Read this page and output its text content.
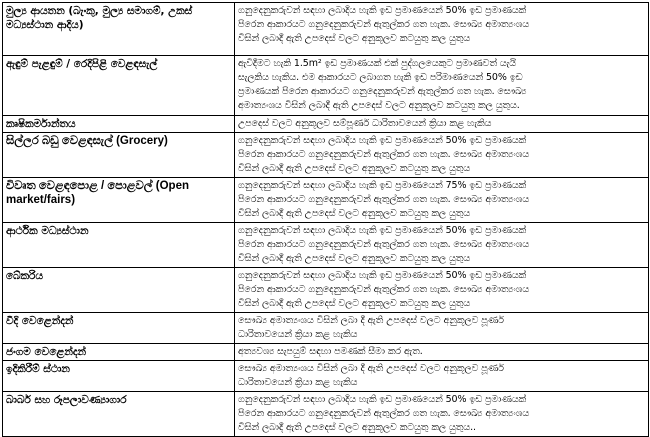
මුල්‍ය ආයතන (බැංකු, මුල්‍ය සමාගම්, උකස් මධ්‍යස්ථාන ආදිය)	ගනුදෙනුකරුවන් සඳහා ලබාදිය හැකි ඉඩ ප්‍රමාණයෙන් 50% ඉඩ ප්‍රමාණයක්
පිරෙන ආකාරයට ගනුදෙනුකරුවන් ඇතුල්කර ගත හැක. සෞඛ්‍ය අමාත්‍යංශය
විසින් ලබාදී ඇති උපදෙස් වලට අනුකූලව කටයුතු කල යුතුය

ඇඳුම් පැළඳුම් / රෙදිපිළි වෙළඳසැල්	ඇවිදීමට හැකි 1.5m² ඉඩ ප්‍රමාණයක් එක් පුද්ගලයෙකුට ප්‍රමාණවත් යැයි
සැලකිය හැකිය. එම ආකාරයට ලබාගත හැකි ඉඩ පරිමාණයෙන් 50% ඉඩ
ප්‍රමාණයක් පිරෙන ආකාරයට ගනුදෙනුකරුවන් ඇතුල්කර ගත හැක. සෞඛ්‍ය
අමාත්‍යංශය විසින් ලබාදී ඇති උපදෙස් වලට අනුකූලව කටයුතු කල යුතුය.

කෘෂිකර්මාන්තය	උපදෙස් වලට අනුකූලව සම්පූර්ණ ධාරිතාවයෙන් ක්‍රියා කළ හැකිය

සිල්ලර බඩු වෙළඳසැල් (Grocery)	ගනුදෙනුකරුවන් සඳහා ලබාදිය හැකි ඉඩ ප්‍රමාණයෙන් 50% ඉඩ ප්‍රමාණයක්
පිරෙන ආකාරයට ගනුදෙනුකරුවන් ඇතුල්කර ගත හැක. සෞඛ්‍ය අමාත්‍යංශය
විසින් ලබාදී ඇති උපදෙස් වලට අනුකූලව කටයුතු කල යුතුය

විවෘත වෙළඳපොළ / පොළවල් (Open market/fairs)	ගනුදෙනුකරුවන් සඳහා ලබාදිය හැකි ඉඩ ප්‍රමාණයෙන් 75% ඉඩ ප්‍රමාණයක්
පිරෙන ආකාරයට ගනුදෙනුකරුවන් ඇතුල්කර ගත හැක. සෞඛ්‍ය අමාත්‍යංශය
විසින් ලබාදී ඇති උපදෙස් වලට අනුකූලව කටයුතු කල යුතුය

ආර්ථික මධ්‍යස්ථාන	ගනුදෙනුකරුවන් සඳහා ලබාදිය හැකි ඉඩ ප්‍රමාණයෙන් 50% ඉඩ ප්‍රමාණයක්
පිරෙන ආකාරයට ගනුදෙනුකරුවන් ඇතුල්කර ගත හැක. සෞඛ්‍ය අමාත්‍යංශය
විසින් ලබාදී ඇති උපදෙස් වලට අනුකූලව කටයුතු කල යුතුය

බේකරිය	ගනුදෙනුකරුවන් සඳහා ලබාදිය හැකි ඉඩ ප්‍රමාණයෙන් 50% ඉඩ ප්‍රමාණයක්
පිරෙන ආකාරයට ගනුදෙනුකරුවන් ඇතුල්කර ගත හැක. සෞඛ්‍ය අමාත්‍යංශය
විසින් ලබාදී ඇති උපදෙස් වලට අනුකූලව කටයුතු කල යුතුය

වීදි වෙළෙන්දන්	සෞඛ්‍ය අමාත්‍යංශය විසින් ලබා දී ඇති උපදෙස් වලට අනුකූලව පූර්ණ
ධාරිතාවයෙන් ක්‍රියා කළ හැකිය

ජංගම වෙළෙන්දන්	අත්‍යවශ්‍ය සැපයුම් සඳහා පමණක් සීමා කර ඇත.

ඉදිකිරීම් ස්ථාන	සෞඛ්‍ය අමාත්‍යංශය විසින් ලබා දී ඇති උපදෙස් වලට අනුකූලව පූර්ණ
ධාරිතාවයෙන් ක්‍රියා කළ හැකිය

බාබර් සහ රූපලාවණ්‍යාගාර	ගනුදෙනුකරුවන් සඳහා ලබාදිය හැකි ඉඩ ප්‍රමාණයෙන් 50% ඉඩ ප්‍රමාණයක්
පිරෙන ආකාරයට ගනුදෙනුකරුවන් ඇතුල්කර ගත හැක. සෞඛ්‍ය අමාත්‍යංශය
විසින් ලබාදී ඇති උපදෙස් වලට අනුකූලව කටයුතු කල යුතුය..
